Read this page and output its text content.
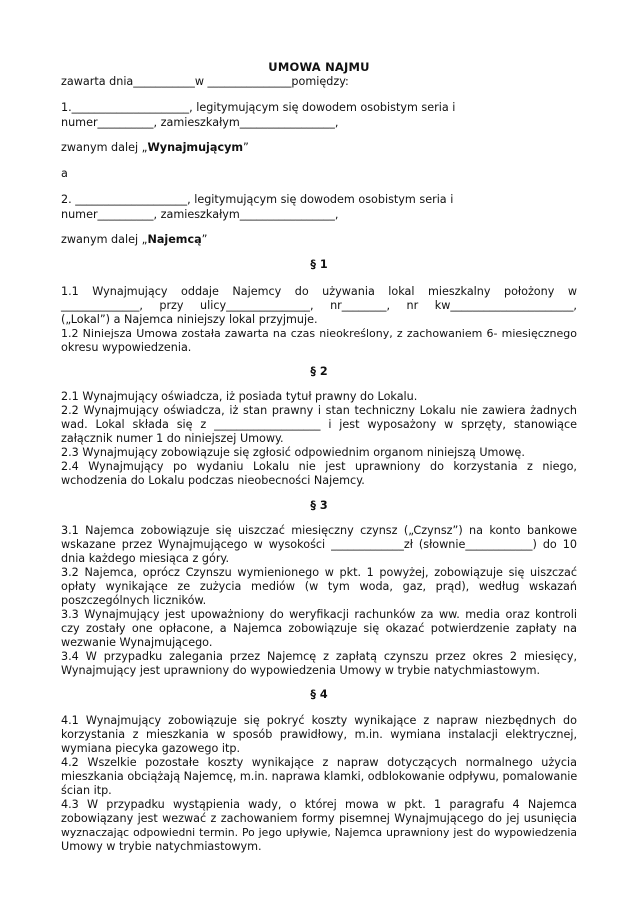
UMOWA NAJMU
zawarta dnia___________w _______________pomiędzy:
1._____________________, legitymującym się dowodem osobistym seria i
numer__________, zamieszkałym_________________,
zwanym dalej „Wynajmującym”
a
2. ____________________, legitymującym się dowodem osobistym seria i
numer__________, zamieszkałym_________________,
zwanym dalej „Najemcą”
§ 1
1.1 Wynajmujący oddaje Najemcy do używania lokal mieszkalny położony w
______________, przy ulicy_______________, nr________, nr kw______________________,
(„Lokal”) a Najemca niniejszy lokal przyjmuje.
1.2 Niniejsza Umowa została zawarta na czas nieokreślony, z zachowaniem 6- miesięcznego
okresu wypowiedzenia.
§ 2
2.1 Wynajmujący oświadcza, iż posiada tytuł prawny do Lokalu.
2.2 Wynajmujący oświadcza, iż stan prawny i stan techniczny Lokalu nie zawiera żadnych
wad. Lokal składa się z ___________________ i jest wyposażony w sprzęty, stanowiące
załącznik numer 1 do niniejszej Umowy.
2.3 Wynajmujący zobowiązuje się zgłosić odpowiednim organom niniejszą Umowę.
2.4 Wynajmujący po wydaniu Lokalu nie jest uprawniony do korzystania z niego,
wchodzenia do Lokalu podczas nieobecności Najemcy.
§ 3
3.1 Najemca zobowiązuje się uiszczać miesięczny czynsz („Czynsz”) na konto bankowe
wskazane przez Wynajmującego w wysokości _____________zł (słownie____________) do 10
dnia każdego miesiąca z góry.
3.2 Najemca, oprócz Czynszu wymienionego w pkt. 1 powyżej, zobowiązuje się uiszczać
opłaty wynikające ze zużycia mediów (w tym woda, gaz, prąd), według wskazań
poszczególnych liczników.
3.3 Wynajmujący jest upoważniony do weryfikacji rachunków za ww. media oraz kontroli
czy zostały one opłacone, a Najemca zobowiązuje się okazać potwierdzenie zapłaty na
wezwanie Wynajmującego.
3.4 W przypadku zalegania przez Najemcę z zapłatą czynszu przez okres 2 miesięcy,
Wynajmujący jest uprawniony do wypowiedzenia Umowy w trybie natychmiastowym.
§ 4
4.1 Wynajmujący zobowiązuje się pokryć koszty wynikające z napraw niezbędnych do
korzystania z mieszkania w sposób prawidłowy, m.in. wymiana instalacji elektrycznej,
wymiana piecyka gazowego itp.
4.2 Wszelkie pozostałe koszty wynikające z napraw dotyczących normalnego użycia
mieszkania obciążają Najemcę, m.in. naprawa klamki, odblokowanie odpływu, pomalowanie
ścian itp.
4.3 W przypadku wystąpienia wady, o której mowa w pkt. 1 paragrafu 4 Najemca
zobowiązany jest wezwać z zachowaniem formy pisemnej Wynajmującego do jej usunięcia
wyznaczając odpowiedni termin. Po jego upływie, Najemca uprawniony jest do wypowiedzenia
Umowy w trybie natychmiastowym.
